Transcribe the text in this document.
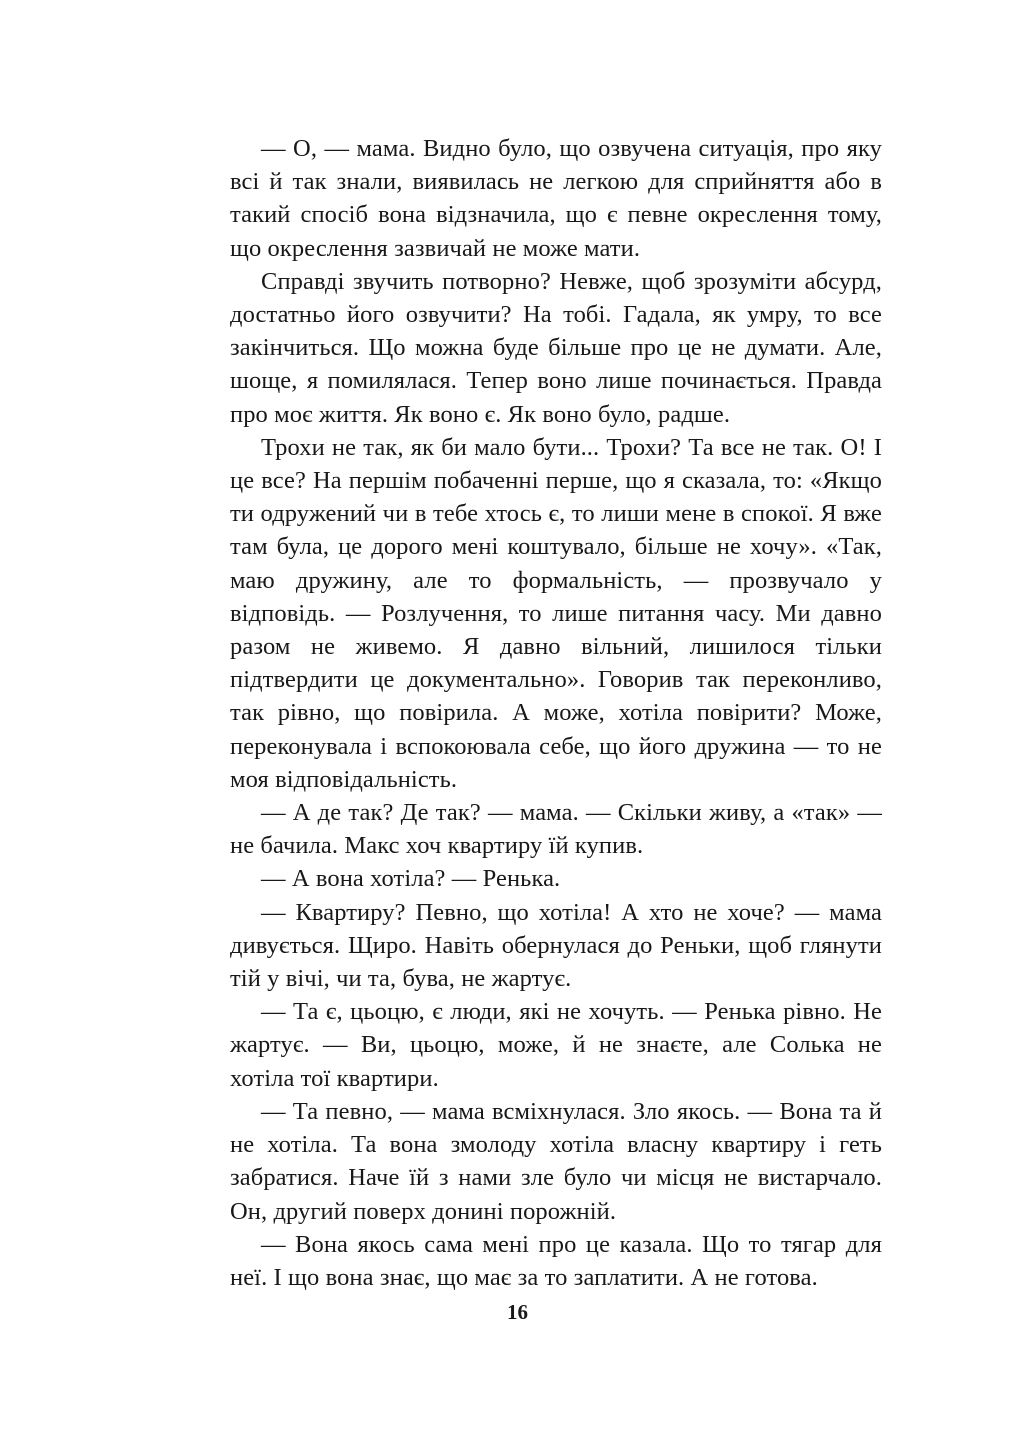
— О, — мама. Видно було, що озвучена ситуація, про яку всі й так знали, виявилась не легкою для сприйняття або в такий спосіб вона відзначила, що є певне окреслення тому, що окреслення зазвичай не може мати.

Справді звучить потворно? Невже, щоб зрозуміти абсурд, достатньо його озвучити? На тобі. Гадала, як умру, то все закінчиться. Що можна буде більше про це не думати. Але, шоще, я помилялася. Тепер воно лише починається. Правда про моє життя. Як воно є. Як воно було, радше.

Трохи не так, як би мало бути... Трохи? Та все не так. О! І це все? На першім побаченні перше, що я сказала, то: «Якщо ти одружений чи в тебе хтось є, то лиши мене в спокої. Я вже там була, це дорого мені коштувало, більше не хочу». «Так, маю дружину, але то формальність, — прозвучало у відповідь. — Розлучення, то лише питання часу. Ми давно разом не живемо. Я давно вільний, лишилося тільки підтвердити це документально». Говорив так переконливо, так рівно, що повірила. А може, хотіла повірити? Може, переконувала і вспокоювала себе, що його дружина — то не моя відповідальність.

— А де так? Де так? — мама. — Скільки живу, а «так» — не бачила. Макс хоч квартиру їй купив.

— А вона хотіла? — Ренька.

— Квартиру? Певно, що хотіла! А хто не хоче? — мама дивується. Щиро. Навіть обернулася до Реньки, щоб глянути тій у вічі, чи та, бува, не жартує.

— Та є, цьоцю, є люди, які не хочуть. — Ренька рівно. Не жартує. — Ви, цьоцю, може, й не знаєте, але Солька не хотіла тої квартири.

— Та певно, — мама всміхнулася. Зло якось. — Вона та й не хотіла. Та вона змолоду хотіла власну квартиру і геть забратися. Наче їй з нами зле було чи місця не вистарчало. Он, другий поверх донині порожній.

— Вона якось сама мені про це казала. Що то тягар для неї. І що вона знає, що має за то заплатити. А не готова.

16
